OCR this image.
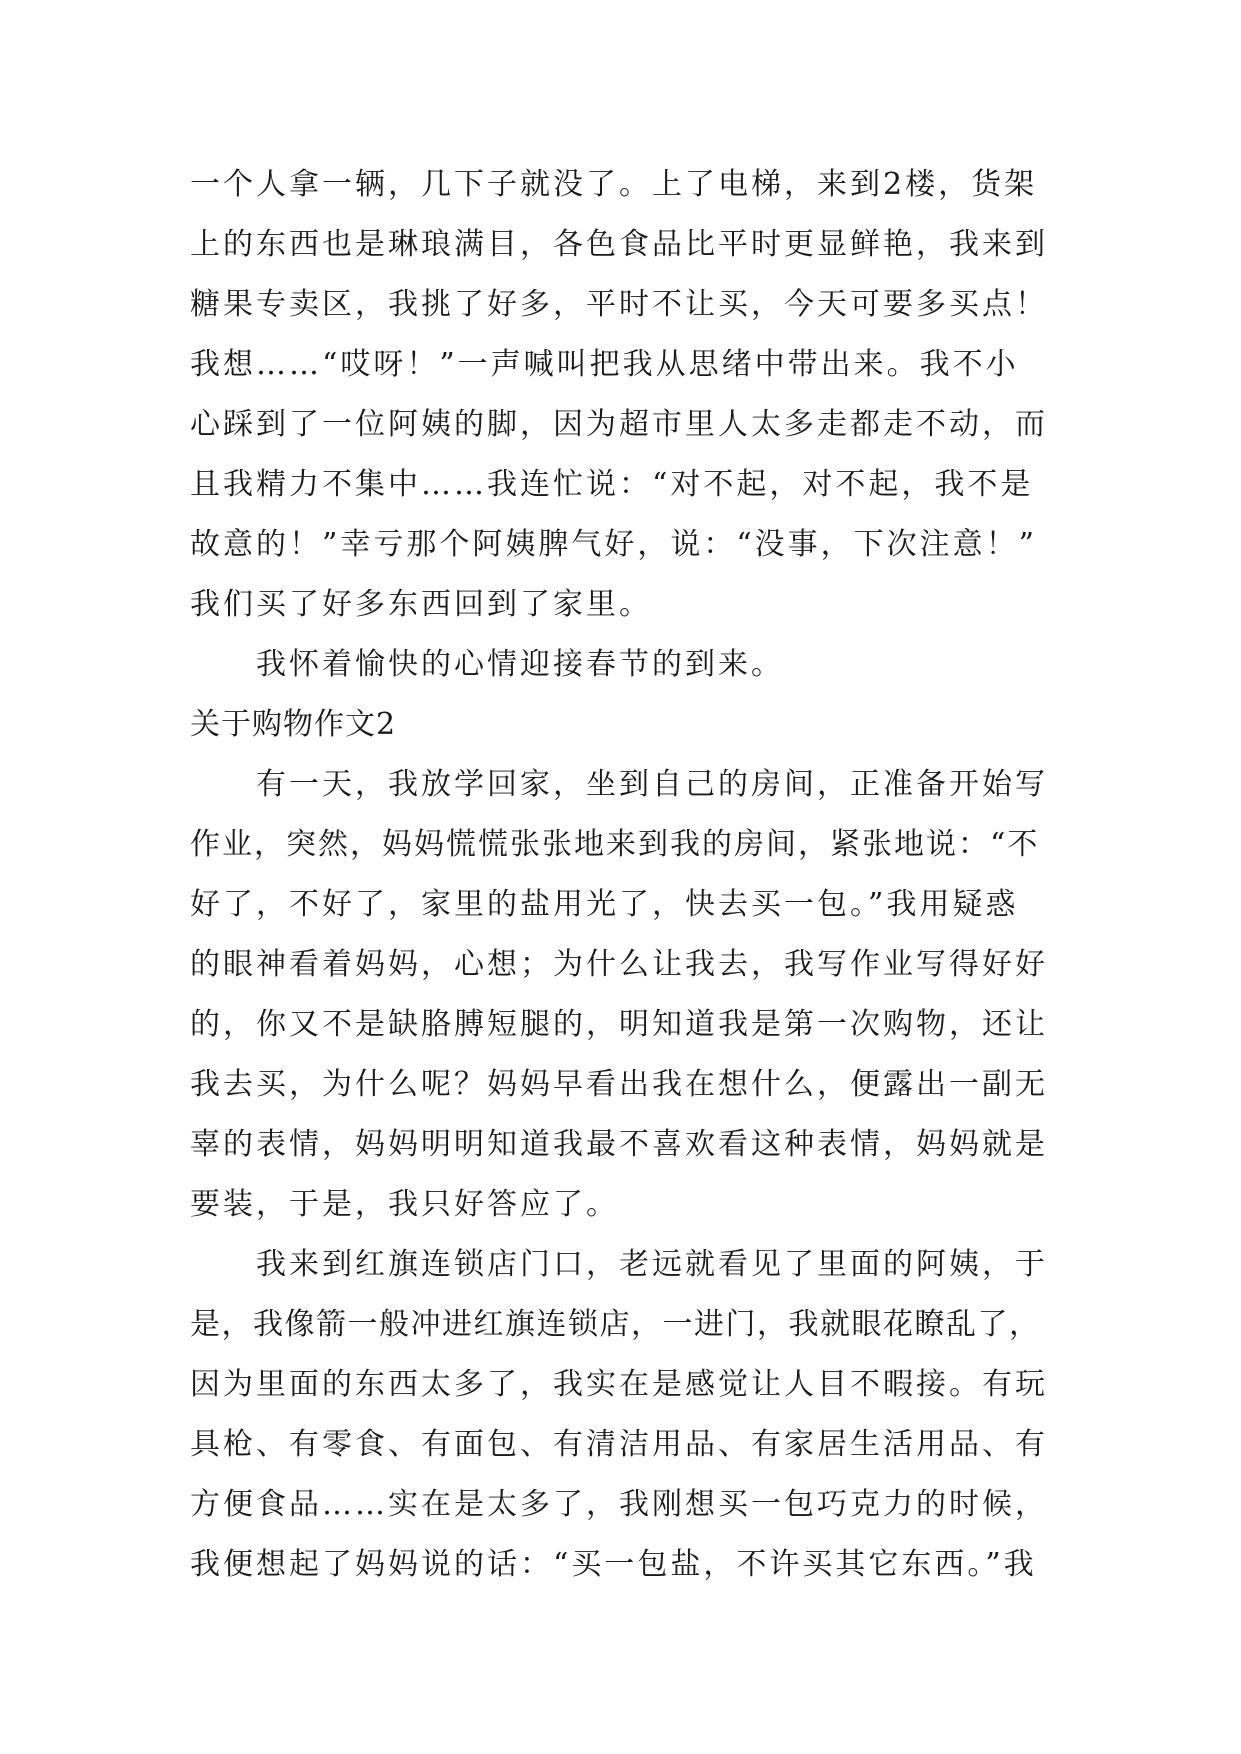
一个人拿一辆，几下子就没了。上了电梯，来到2楼，货架
上的东西也是琳琅满目，各色食品比平时更显鲜艳，我来到
糖果专卖区，我挑了好多，平时不让买，今天可要多买点！
我想……“哎呀！”一声喊叫把我从思绪中带出来。我不小
心踩到了一位阿姨的脚，因为超市里人太多走都走不动，而
且我精力不集中……我连忙说：“对不起，对不起，我不是
故意的！”幸亏那个阿姨脾气好，说：“没事，下次注意！”
我们买了好多东西回到了家里。
我怀着愉快的心情迎接春节的到来。
关于购物作文2
有一天，我放学回家，坐到自己的房间，正准备开始写
作业，突然，妈妈慌慌张张地来到我的房间，紧张地说：“不
好了，不好了，家里的盐用光了，快去买一包。”我用疑惑
的眼神看着妈妈，心想；为什么让我去，我写作业写得好好
的，你又不是缺胳膊短腿的，明知道我是第一次购物，还让
我去买，为什么呢？妈妈早看出我在想什么，便露出一副无
辜的表情，妈妈明明知道我最不喜欢看这种表情，妈妈就是
要装，于是，我只好答应了。
我来到红旗连锁店门口，老远就看见了里面的阿姨，于
是，我像箭一般冲进红旗连锁店，一进门，我就眼花瞭乱了，
因为里面的东西太多了，我实在是感觉让人目不暇接。有玩
具枪、有零食、有面包、有清洁用品、有家居生活用品、有
方便食品……实在是太多了，我刚想买一包巧克力的时候，
我便想起了妈妈说的话：“买一包盐，不许买其它东西。”我
